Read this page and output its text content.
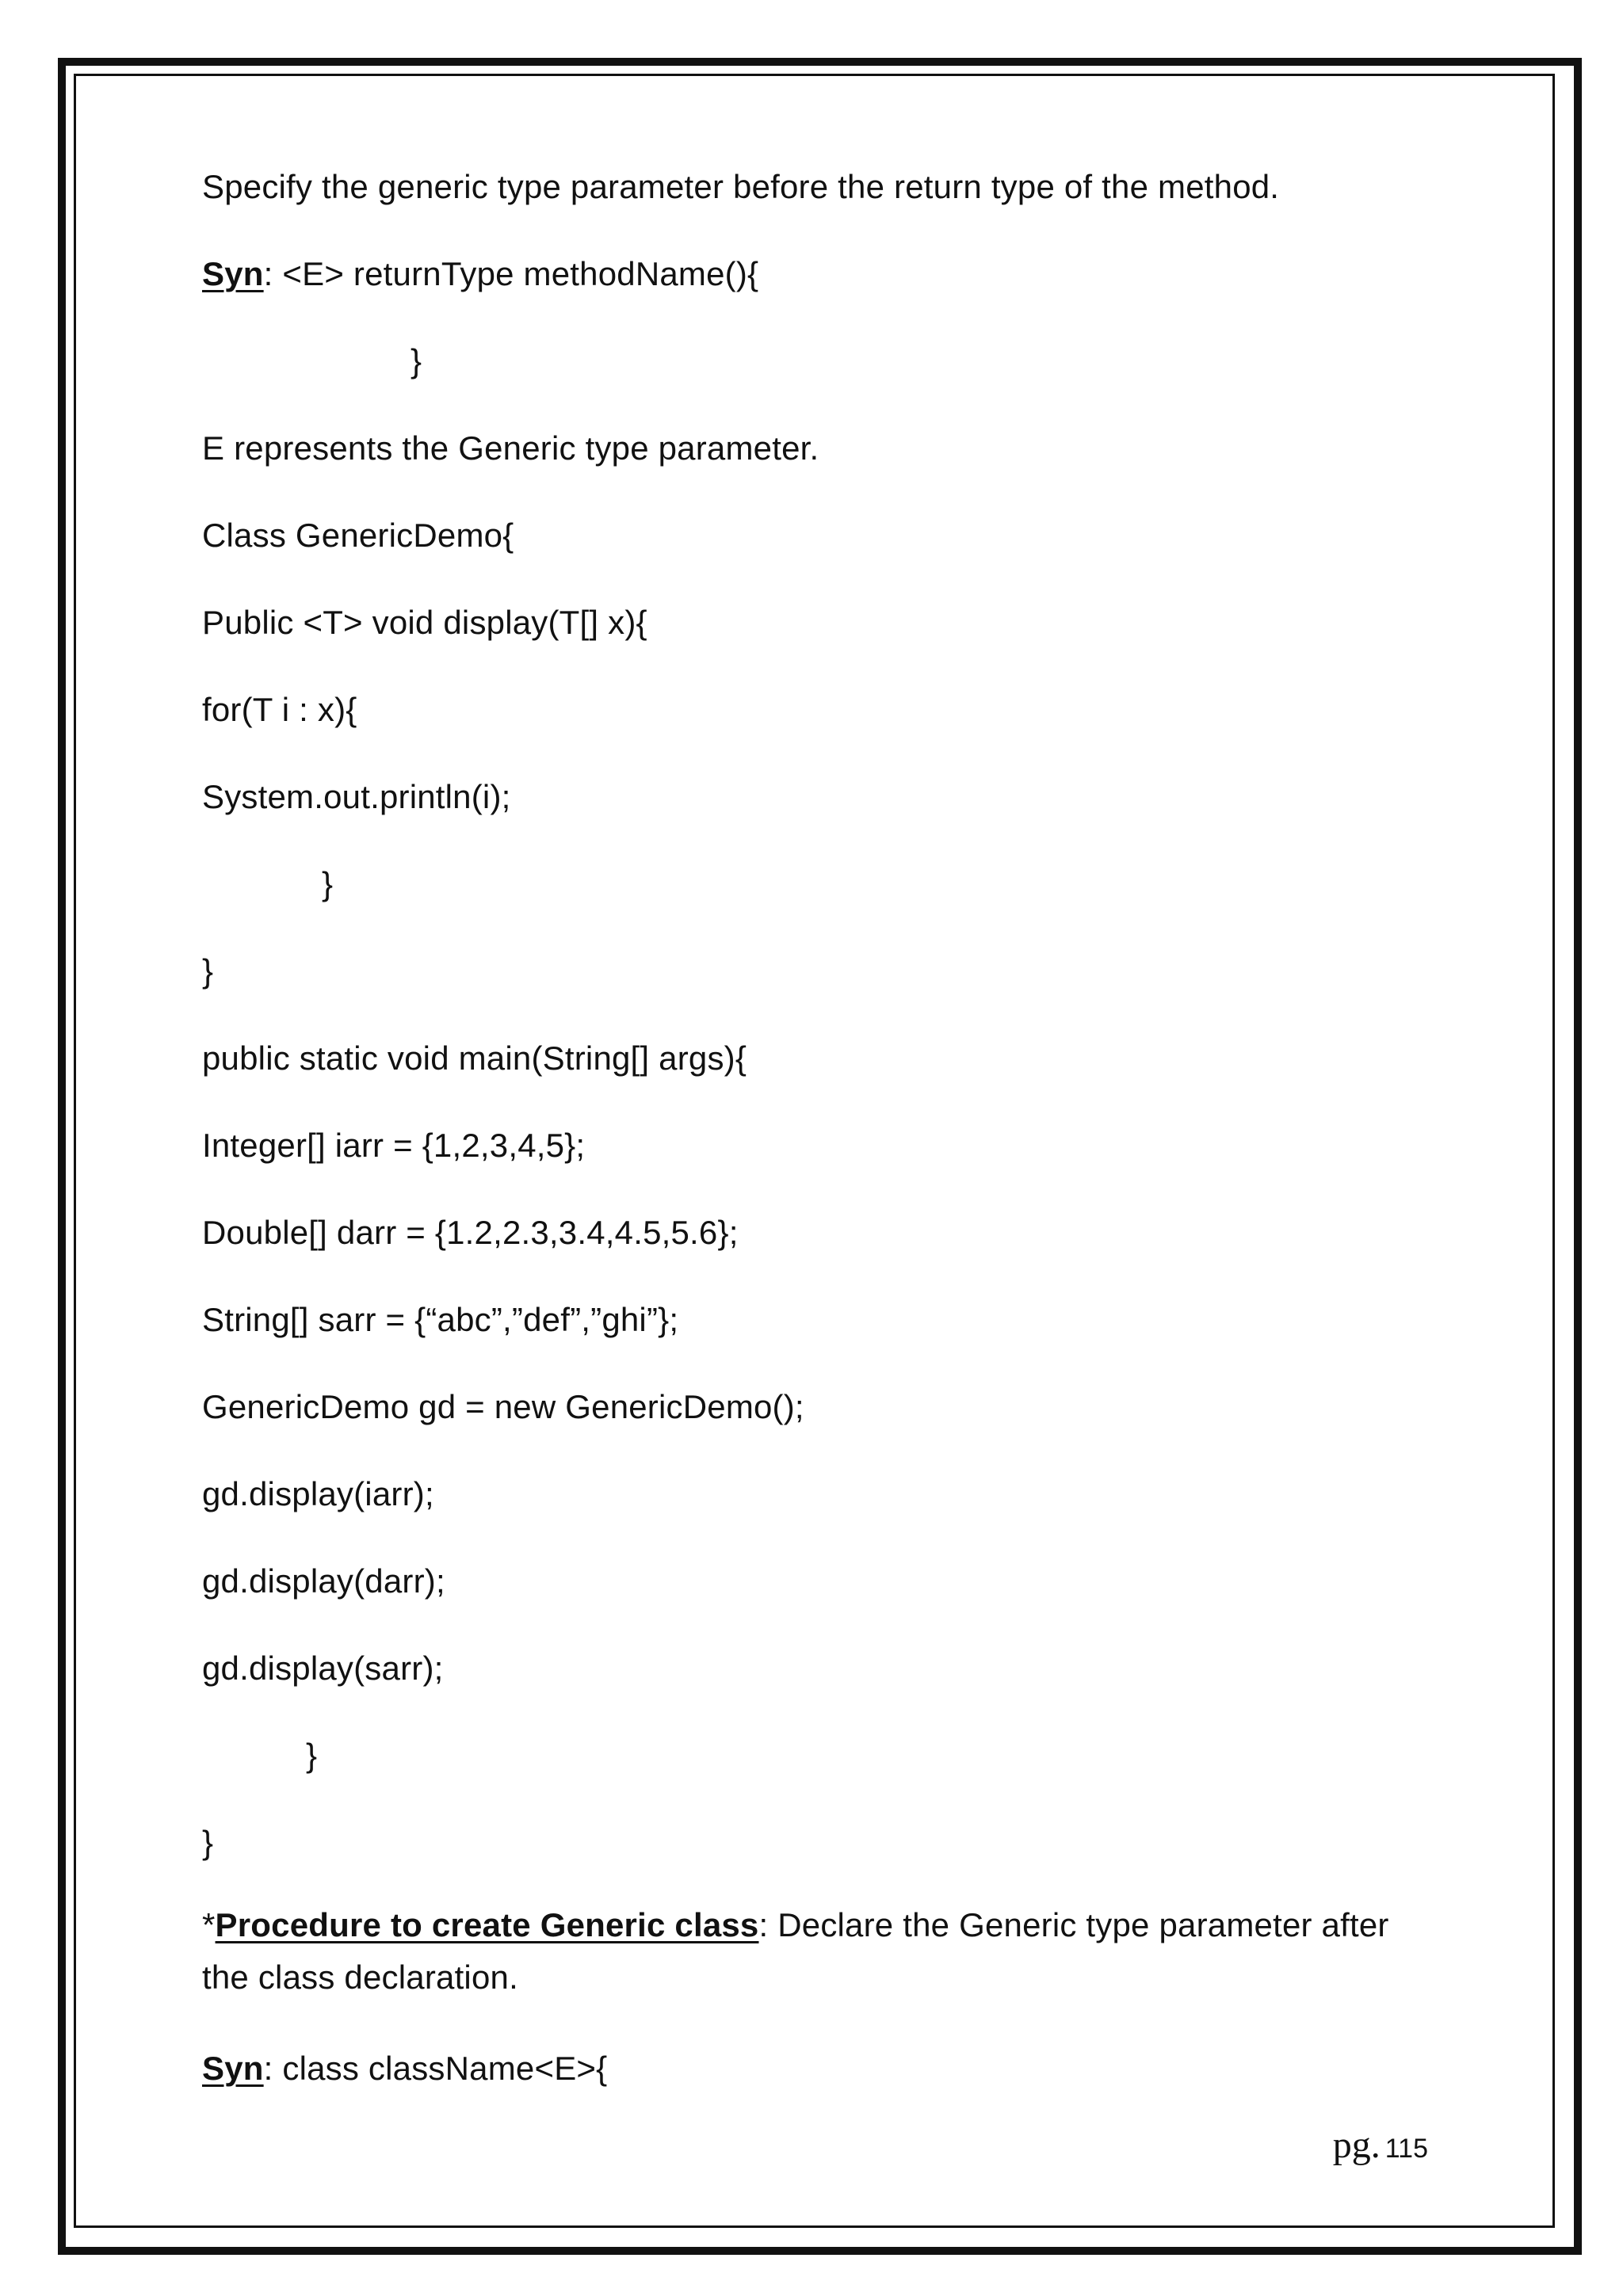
Specify the generic type parameter before the return type of the method.
Syn: <E> returnType methodName(){
}
E represents the Generic type parameter.
Class GenericDemo{
Public <T> void display(T[] x){
for(T i : x){
System.out.println(i);
}
}
public static void main(String[] args){
Integer[] iarr = {1,2,3,4,5};
Double[] darr = {1.2,2.3,3.4,4.5,5.6};
String[] sarr = {“abc”,”def”,”ghi”};
GenericDemo gd = new GenericDemo();
gd.display(iarr);
gd.display(darr);
gd.display(sarr);
}
}
*Procedure to create Generic class: Declare the Generic type parameter after the class declaration.
Syn: class className<E>{
pg. 115
